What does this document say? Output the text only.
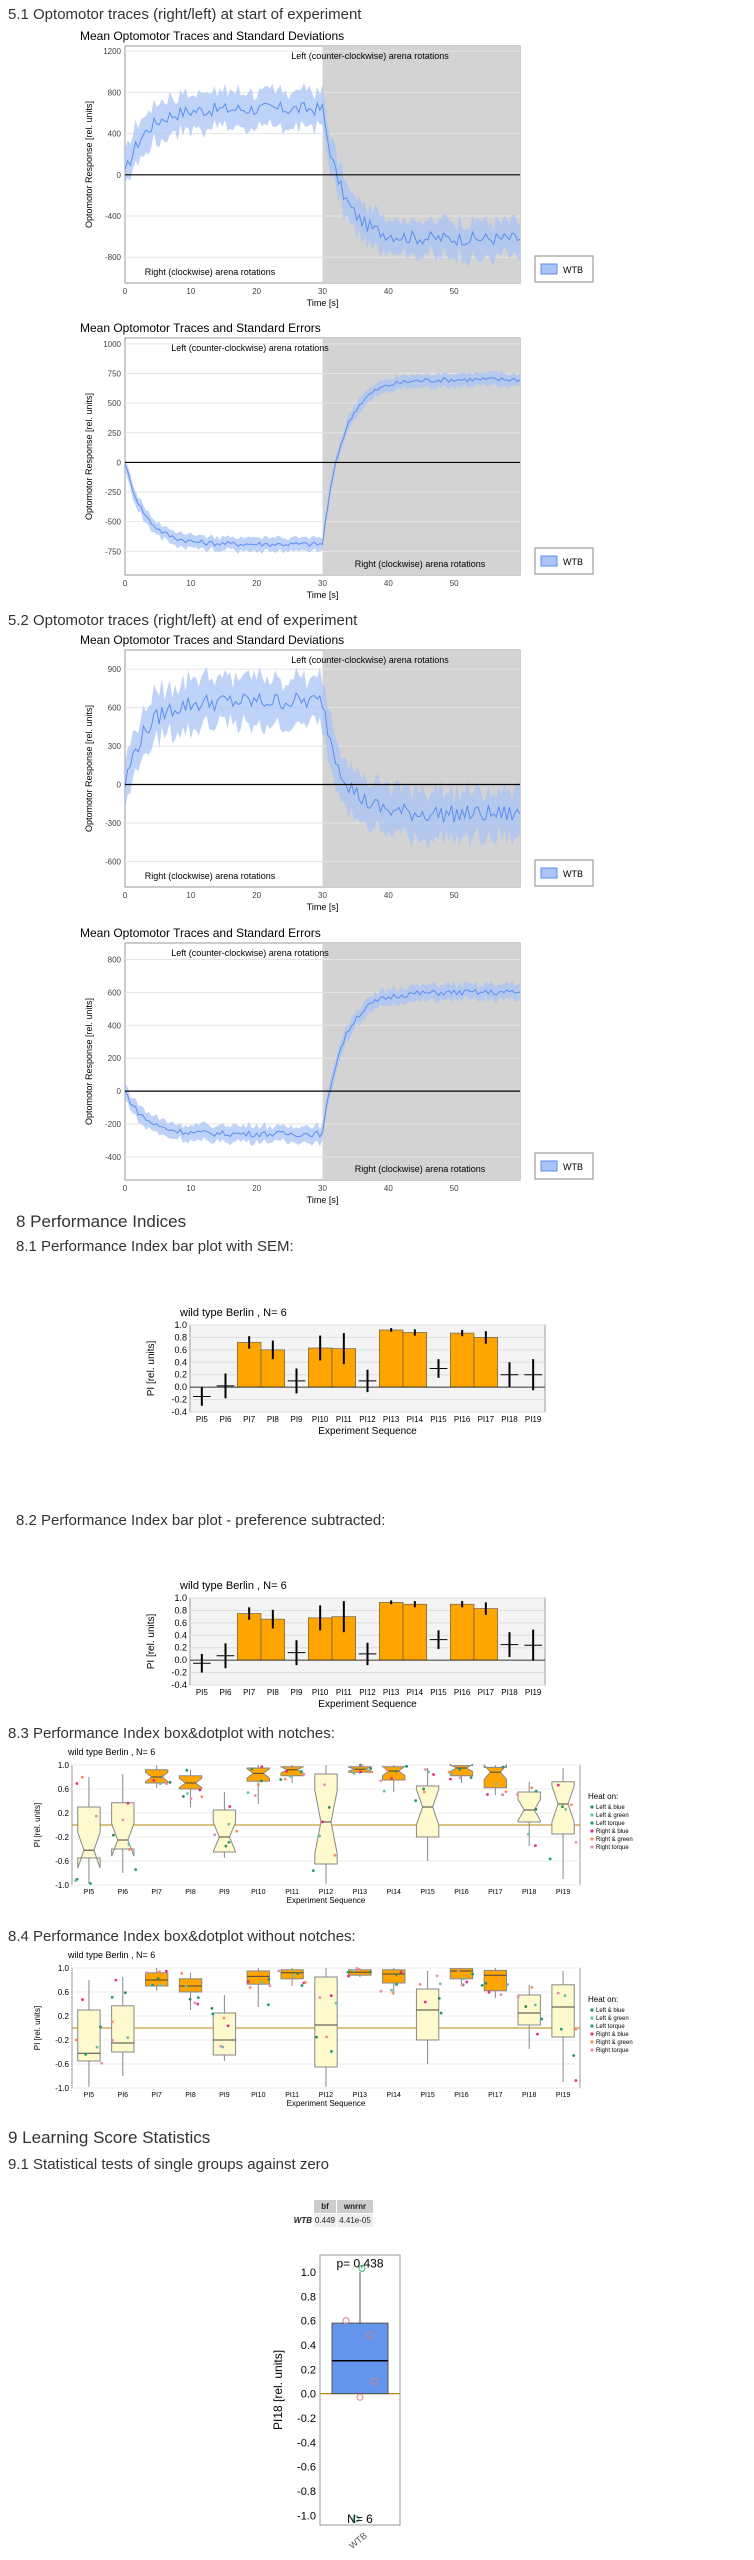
5.1 Optomotor traces (right/left) at start of experiment
Mean Optomotor Traces and Standard Deviations
-800
-400
0
400
800
1200
0	10	20	30	40	50
Left (counter-clockwise) arena rotations
Right (clockwise) arena rotations
Time [s]
Optomotor Response [rel. units]
WTB
Mean Optomotor Traces and Standard Errors
-750
-500
-250
0
250
500
750
1000
0	10	20	30	40	50
Left (counter-clockwise) arena rotations
Right (clockwise) arena rotations
Time [s]
Optomotor Response [rel. units]
WTB
5.2 Optomotor traces (right/left) at end of experiment
Mean Optomotor Traces and Standard Deviations
-600
-300
0
300
600
900
0	10	20	30	40	50
Left (counter-clockwise) arena rotations
Right (clockwise) arena rotations
Time [s]
Optomotor Response [rel. units]
WTB
Mean Optomotor Traces and Standard Errors
-400
-200
0
200
400
600
800
0	10	20	30	40	50
Left (counter-clockwise) arena rotations
Right (clockwise) arena rotations
Time [s]
Optomotor Response [rel. units]
WTB
8 Performance Indices
8.1 Performance Index bar plot with SEM:
wild type Berlin , N= 6
1.0
0.8
0.6
0.4
0.2
0.0
-0.2
-0.4
PI5 PI6 PI7 PI8 PI9 PI10 PI11 PI12 PI13 PI14 PI15 PI16 PI17 PI18 PI19
Experiment Sequence
PI [rel. units]
8.2 Performance Index bar plot - preference subtracted:
wild type Berlin , N= 6
1.0
0.8
0.6
0.4
0.2
0.0
-0.2
-0.4
PI5 PI6 PI7 PI8 PI9 PI10 PI11 PI12 PI13 PI14 PI15 PI16 PI17 PI18 PI19
Experiment Sequence
PI [rel. units]
8.3 Performance Index box&dotplot with notches:
wild type Berlin , N= 6
1.0
0.6
0.2
-0.2
-0.6
-1.0
PI5	PI6	PI7	PI8	PI9	PI10	PI11	PI12	PI13	PI14	PI15	PI16	PI17	PI18	PI19
Experiment Sequence
PI [rel. units]
Heat on:
Left & blue
Left & green
Left torque
Right & blue
Right & green
Right torque
8.4 Performance Index box&dotplot without notches:
wild type Berlin , N= 6
1.0
0.6
0.2
-0.2
-0.6
-1.0
PI5	PI6	PI7	PI8	PI9	PI10	PI11	PI12	PI13	PI14	PI15	PI16	PI17	PI18	PI19
Experiment Sequence
PI [rel. units]
Heat on:
Left & blue
Left & green
Left torque
Right & blue
Right & green
Right torque
9 Learning Score Statistics
9.1 Statistical tests of single groups against zero
bf	wnrnr
WTB 0.449 4.41e-05
1.0
0.8
0.6
0.4
0.2
0.0
-0.2
-0.4
-0.6
-0.8
-1.0
p= 0.438
N= 6
WTB
PI18 [rel. units]
